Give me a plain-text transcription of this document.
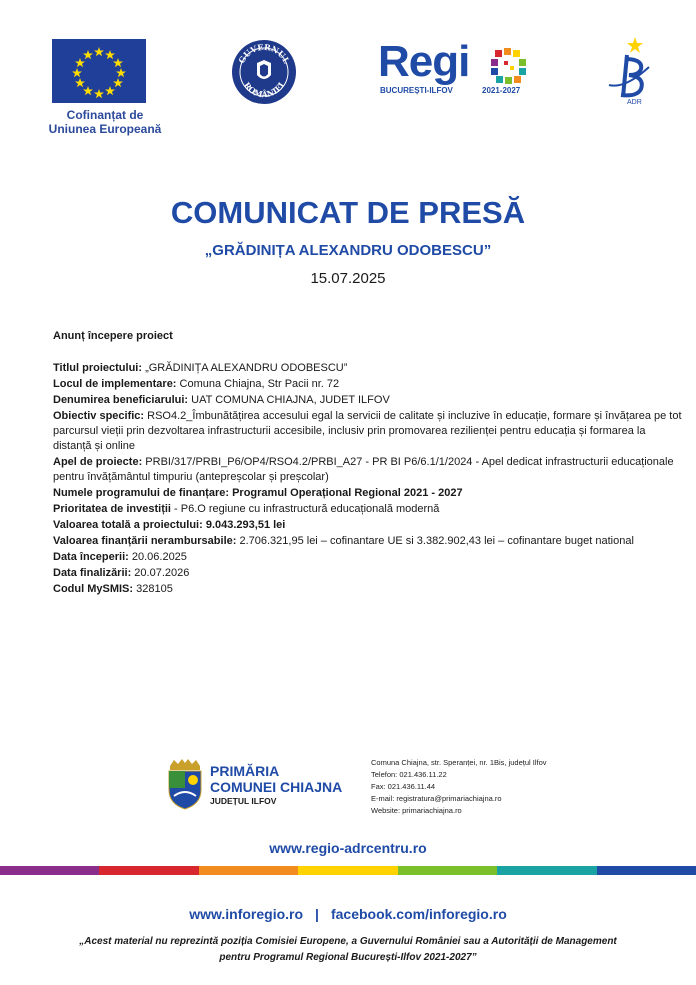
Cofinanțat de
Uniunea Europeană
GUVERNUL
ROMÂNIEI Regi
BUCUREȘTI-ILFOV	2021-2027
ADR
COMUNICAT DE PRESĂ
„GRĂDINIȚA ALEXANDRU ODOBESCU”
15.07.2025
Anunț începere proiect
Titlul proiectului: „GRĂDINIȚA ALEXANDRU ODOBESCU”
Locul de implementare: Comuna Chiajna, Str Pacii nr. 72
Denumirea beneficiarului: UAT COMUNA CHIAJNA, JUDET ILFOV
Obiectiv specific: RSO4.2_Îmbunătățirea accesului egal la servicii de calitate și incluzive în educație, formare și învățarea pe tot parcursul vieții prin dezvoltarea infrastructurii accesibile, inclusiv prin promovarea rezilienței pentru educația și formarea la distanță și online
Apel de proiecte: PRBI/317/PRBI_P6/OP4/RSO4.2/PRBI_A27 - PR BI P6/6.1/1/2024 - Apel dedicat infrastructurii educaționale pentru învățământul timpuriu (antepreșcolar și preșcolar)
Numele programului de finanțare: Programul Operațional Regional 2021 - 2027
Prioritatea de investiții - P6.O regiune cu infrastructură educațională modernă
Valoarea totală a proiectului: 9.043.293,51 lei
Valoarea finanțării nerambursabile: 2.706.321,95 lei – cofinantare UE si 3.382.902,43 lei – cofinantare buget national
Data începerii: 20.06.2025
Data finalizării: 20.07.2026
Codul MySMIS: 328105
PRIMĂRIA
COMUNEI CHIAJNA
JUDEȚUL ILFOV
Comuna Chiajna, str. Speranței, nr. 1Bis, județul Ilfov
Telefon: 021.436.11.22
Fax: 021.436.11.44
E-mail: registratura@primariachiajna.ro
Website: primariachiajna.ro
www.regio-adrcentru.ro
www.inforegio.ro | facebook.com/inforegio.ro
„Acest material nu reprezintă poziția Comisiei Europene, a Guvernului României sau a Autorității de Management
pentru Programul Regional București-Ilfov 2021-2027”
